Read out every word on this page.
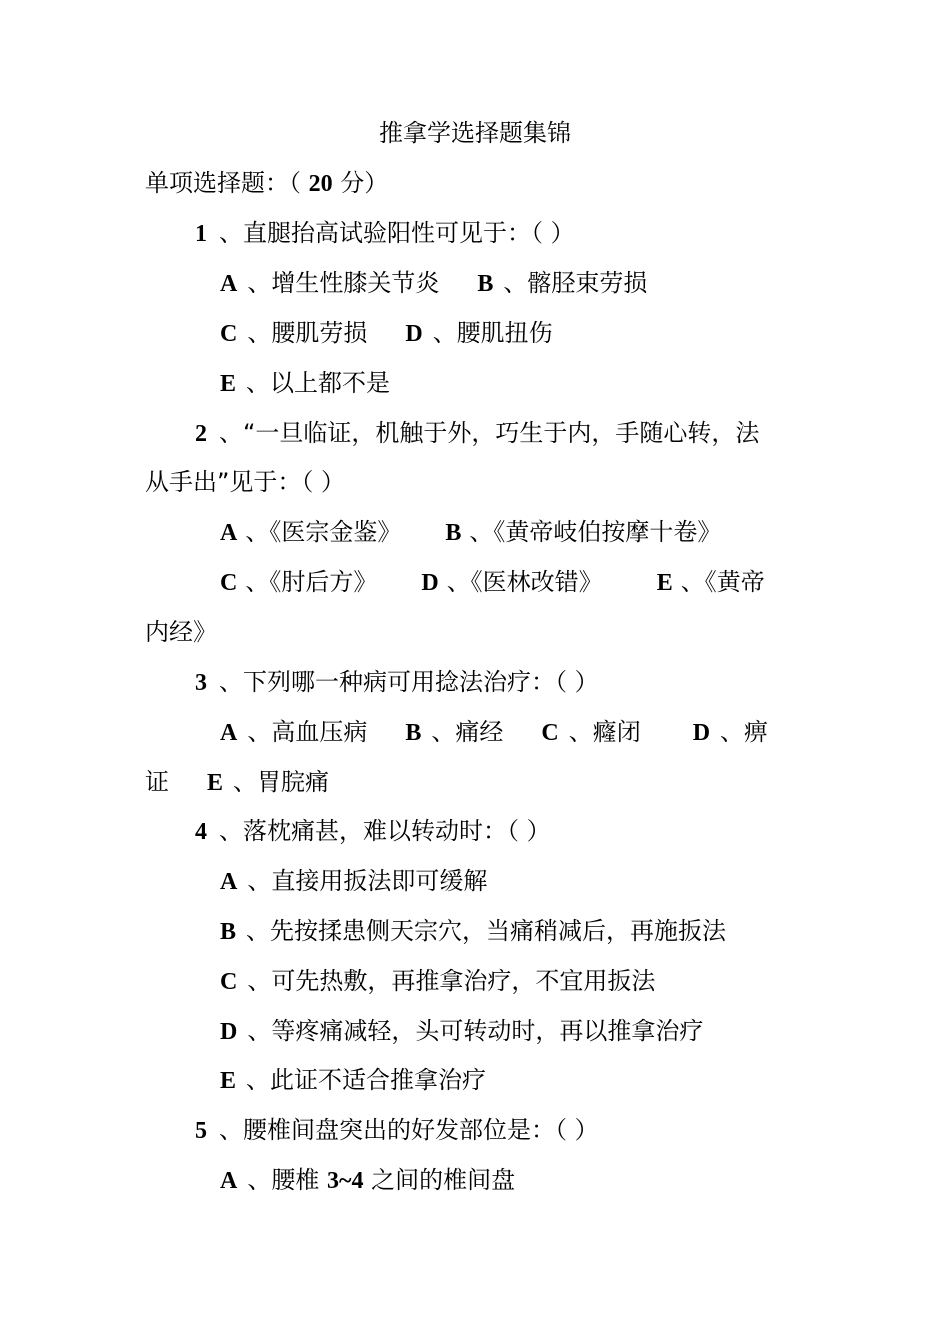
推拿学选择题集锦
单项选择题：（ 20 分）
1 、直腿抬高试验阳性可见于：（ ）
A 、增生性膝关节炎 B 、髂胫束劳损
C 、腰肌劳损 D 、腰肌扭伤
E 、以上都不是
2 、“一旦临证，机触于外，巧生于内，手随心转，法
从手出”见于：（ ）
A 、《医宗金鉴》 B 、《黄帝岐伯按摩十卷》
C 、《肘后方》 D 、《医林改错》 E 、《黄帝
内经》
3 、下列哪一种病可用捻法治疗：（ ）
A 、高血压病 B 、痛经 C 、癃闭 D 、痹
证 E 、胃脘痛
4 、落枕痛甚，难以转动时：（ ）
A 、直接用扳法即可缓解
B 、先按揉患侧天宗穴，当痛稍减后，再施扳法
C 、可先热敷，再推拿治疗，不宜用扳法
D 、等疼痛减轻，头可转动时，再以推拿治疗
E 、此证不适合推拿治疗
5 、腰椎间盘突出的好发部位是：（ ）
A 、腰椎 3~4 之间的椎间盘
